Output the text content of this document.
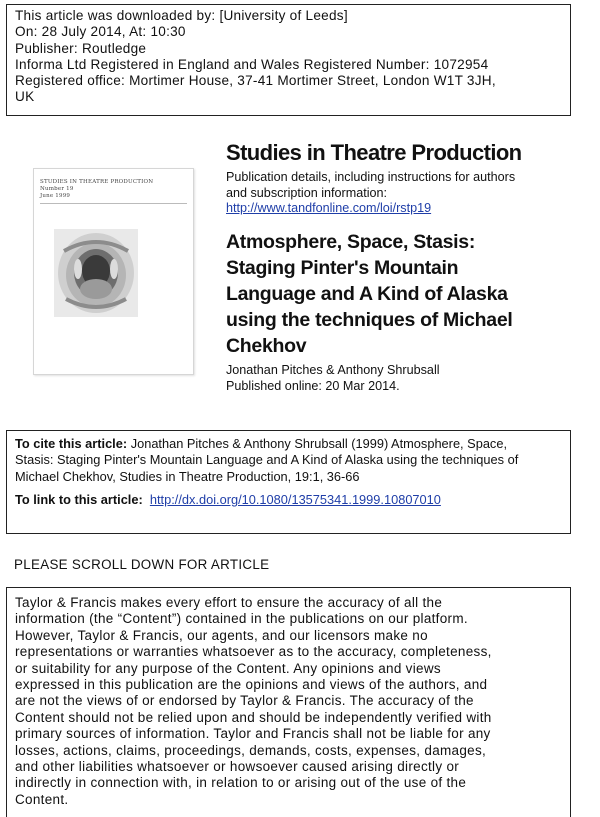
This article was downloaded by: [University of Leeds]
On: 28 July 2014, At: 10:30
Publisher: Routledge
Informa Ltd Registered in England and Wales Registered Number: 1072954
Registered office: Mortimer House, 37-41 Mortimer Street, London W1T 3JH,
UK
STUDIES IN THEATRE PRODUCTION
Number 19
June 1999
Studies in Theatre Production
Publication details, including instructions for authors
and subscription information:
http://www.tandfonline.com/loi/rstp19
Atmosphere, Space, Stasis:
Staging Pinter's Mountain
Language and A Kind of Alaska
using the techniques of Michael
Chekhov
Jonathan Pitches & Anthony Shrubsall
Published online: 20 Mar 2014.
To cite this article: Jonathan Pitches & Anthony Shrubsall (1999) Atmosphere, Space,
Stasis: Staging Pinter's Mountain Language and A Kind of Alaska using the techniques of
Michael Chekhov, Studies in Theatre Production, 19:1, 36-66
To link to this article: http://dx.doi.org/10.1080/13575341.1999.10807010
PLEASE SCROLL DOWN FOR ARTICLE
Taylor & Francis makes every effort to ensure the accuracy of all the
information (the “Content”) contained in the publications on our platform.
However, Taylor & Francis, our agents, and our licensors make no
representations or warranties whatsoever as to the accuracy, completeness,
or suitability for any purpose of the Content. Any opinions and views
expressed in this publication are the opinions and views of the authors, and
are not the views of or endorsed by Taylor & Francis. The accuracy of the
Content should not be relied upon and should be independently verified with
primary sources of information. Taylor and Francis shall not be liable for any
losses, actions, claims, proceedings, demands, costs, expenses, damages,
and other liabilities whatsoever or howsoever caused arising directly or
indirectly in connection with, in relation to or arising out of the use of the
Content.
